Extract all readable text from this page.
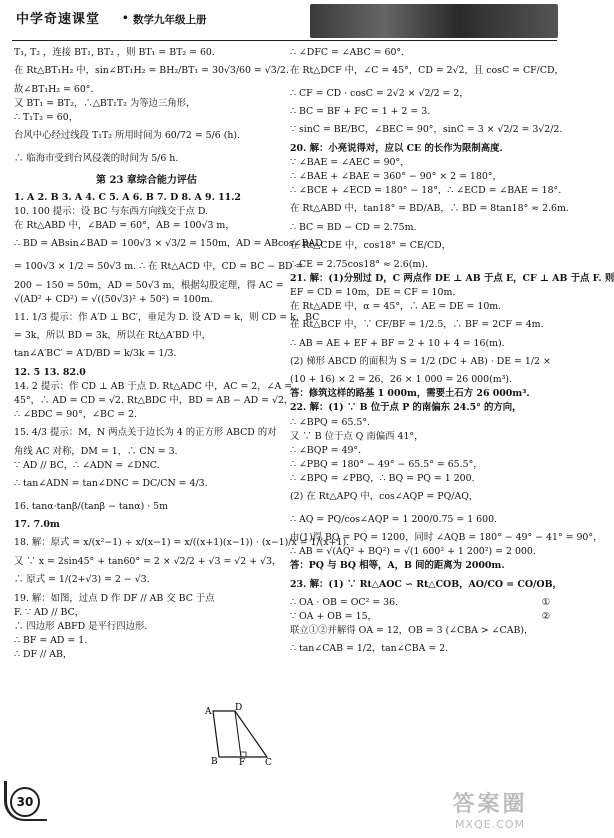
中学奇速课堂 • 数学九年级上册

T₁, T₂ ，连接 BT₁, BT₂ ，则 BT₁ = BT₂ = 60.

在 Rt△BT₁H₂ 中，sin∠BT₁H₂ = BH₂/BT₁ = 30√3/60 = √3/2.

故∠BT₁H₂ = 60°.

又 BT₁ = BT₂，∴△BT₁T₂ 为等边三角形，

∴ T₁T₂ = 60，

台风中心经过线段 T₁T₂ 所用时间为 60/72 = 5/6 (h).

∴ 临海市受到台风侵袭的时间为 5/6 h.

第 23 章综合能力评估

1. A 2. B 3. A 4. C 5. A 6. B 7. D 8. A 9. 11.2

10. 100 提示：设 BC 与东西方向线交于点 D.

在 Rt△ABD 中，∠BAD = 60°，AB = 100√3 m，

∴ BD = ABsin∠BAD = 100√3 × √3/2 = 150m，AD = ABcos∠BAD

= 100√3 × 1/2 = 50√3 m. ∴ 在 Rt△ACD 中，CD = BC − BD =

200 − 150 = 50m，AD = 50√3 m，根据勾股定理，得 AC =

√(AD² + CD²) = √((50√3)² + 50²) = 100m.

11. 1/3 提示：作 A′D ⊥ BC′，垂足为 D. 设 A′D = k，则 CD = k，BC

= 3k，所以 BD = 3k，所以在 Rt△A′BD 中，

tan∠A′BC′ = A′D/BD = k/3k = 1/3.

12. 5 13. 82.0

14. 2 提示：作 CD ⊥ AB 于点 D. Rt△ADC 中，AC = 2，∠A =

45°，∴ AD = CD = √2. Rt△BDC 中，BD = AB − AD = √2，

∴ ∠BDC = 90°，∠BC = 2.

15. 4/3 提示：M，N 两点关于边长为 4 的正方形 ABCD 的对

角线 AC 对称，DM = 1，∴ CN = 3.

∵ AD // BC，∴ ∠ADN = ∠DNC.

∴ tan∠ADN = tan∠DNC = DC/CN = 4/3.

16. tanα·tanβ/(tanβ − tanα) · 5m

17. 7.0m

18. 解：原式 = x/(x²−1) ÷ x/(x−1) = x/((x+1)(x−1)) · (x−1)/x = 1/(x+1).

又 ∵ x = 2sin45° + tan60° = 2 × √2/2 + √3 = √2 + √3，

∴ 原式 = 1/(2+√3) = 2 − √3.

19. 解：如图，过点 D 作 DF // AB 交 BC 于点

F. ∵ AD // BC，

∴ 四边形 ABFD 是平行四边形.

∴ BF = AD = 1.

∴ DF // AB，

A	D
B F C

∴ ∠DFC = ∠ABC = 60°.

在 Rt△DCF 中，∠C = 45°，CD = 2√2，且 cosC = CF/CD，

∴ CF = CD · cosC = 2√2 × √2/2 = 2，

∴ BC = BF + FC = 1 + 2 = 3.

∵ sinC = BE/BC，∠BEC = 90°，sinC = 3 × √2/2 = 3√2/2.

20. 解：小亮说得对，应以 CE 的长作为限制高度.

∵ ∠BAE = ∠AEC = 90°，

∴ ∠BAE + ∠BAE = 360° − 90° × 2 = 180°，

∴ ∠BCE + ∠ECD = 180° − 18°，∴ ∠ECD = ∠BAE = 18°.

在 Rt△ABD 中，tan18° = BD/AB，∴ BD = 8tan18° ≈ 2.6m.

∴ BC = BD − CD = 2.75m.

在 Rt△CDE 中，cos18° = CE/CD，

∴ CE = 2.75cos18° ≈ 2.6(m).

21. 解：(1)分别过 D，C 两点作 DE ⊥ AB 于点 E，CF ⊥ AB 于点 F. 则

EF = CD = 10m，DE = CF = 10m.

在 Rt△ADE 中，α = 45°，∴ AE = DE = 10m.

在 Rt△BCF 中，∵ CF/BF = 1/2.5，∴ BF = 2CF = 4m.

∴ AB = AE + EF + BF = 2 + 10 + 4 = 16(m).

(2) 梯形 ABCD 的面积为 S = 1/2 (DC + AB) · DE = 1/2 ×

(10 + 16) × 2 = 26，26 × 1 000 = 26 000(m³).

答：修筑这样的路基 1 000m，需要土石方 26 000m³.

22. 解：(1) ∵ B 位于点 P 的南偏东 24.5° 的方向，

∴ ∠BPQ = 65.5°.

又 ∵ B 位于点 Q 南偏西 41°，

∴ ∠BQP = 49°.

∴ ∠PBQ = 180° − 49° − 65.5° = 65.5°，

∴ ∠BPQ = ∠PBQ，∴ BQ = PQ = 1 200.

(2) 在 Rt△APQ 中，cos∠AQP = PQ/AQ，

∴ AQ = PQ/cos∠AQP = 1 200/0.75 = 1 600.

由(1)得 BQ = PQ = 1200，同时 ∠AQB = 180° − 49° − 41° = 90°，

∴ AB = √(AQ² + BQ²) = √(1 600² + 1 200²) = 2 000.

答：PQ 与 BQ 相等，A，B 间的距离为 2000m.

23. 解：(1) ∵ Rt△AOC ∽ Rt△COB，AO/CO = CO/OB，

∴ OA · OB = OC² = 36.	①

∵ OA + OB = 15，	②

联立①②并解得 OA = 12，OB = 3 (∠CBA > ∠CAB)，

∴ tan∠CAB = 1/2，tan∠CBA = 2.

30	答案圈
MXQE.COM
